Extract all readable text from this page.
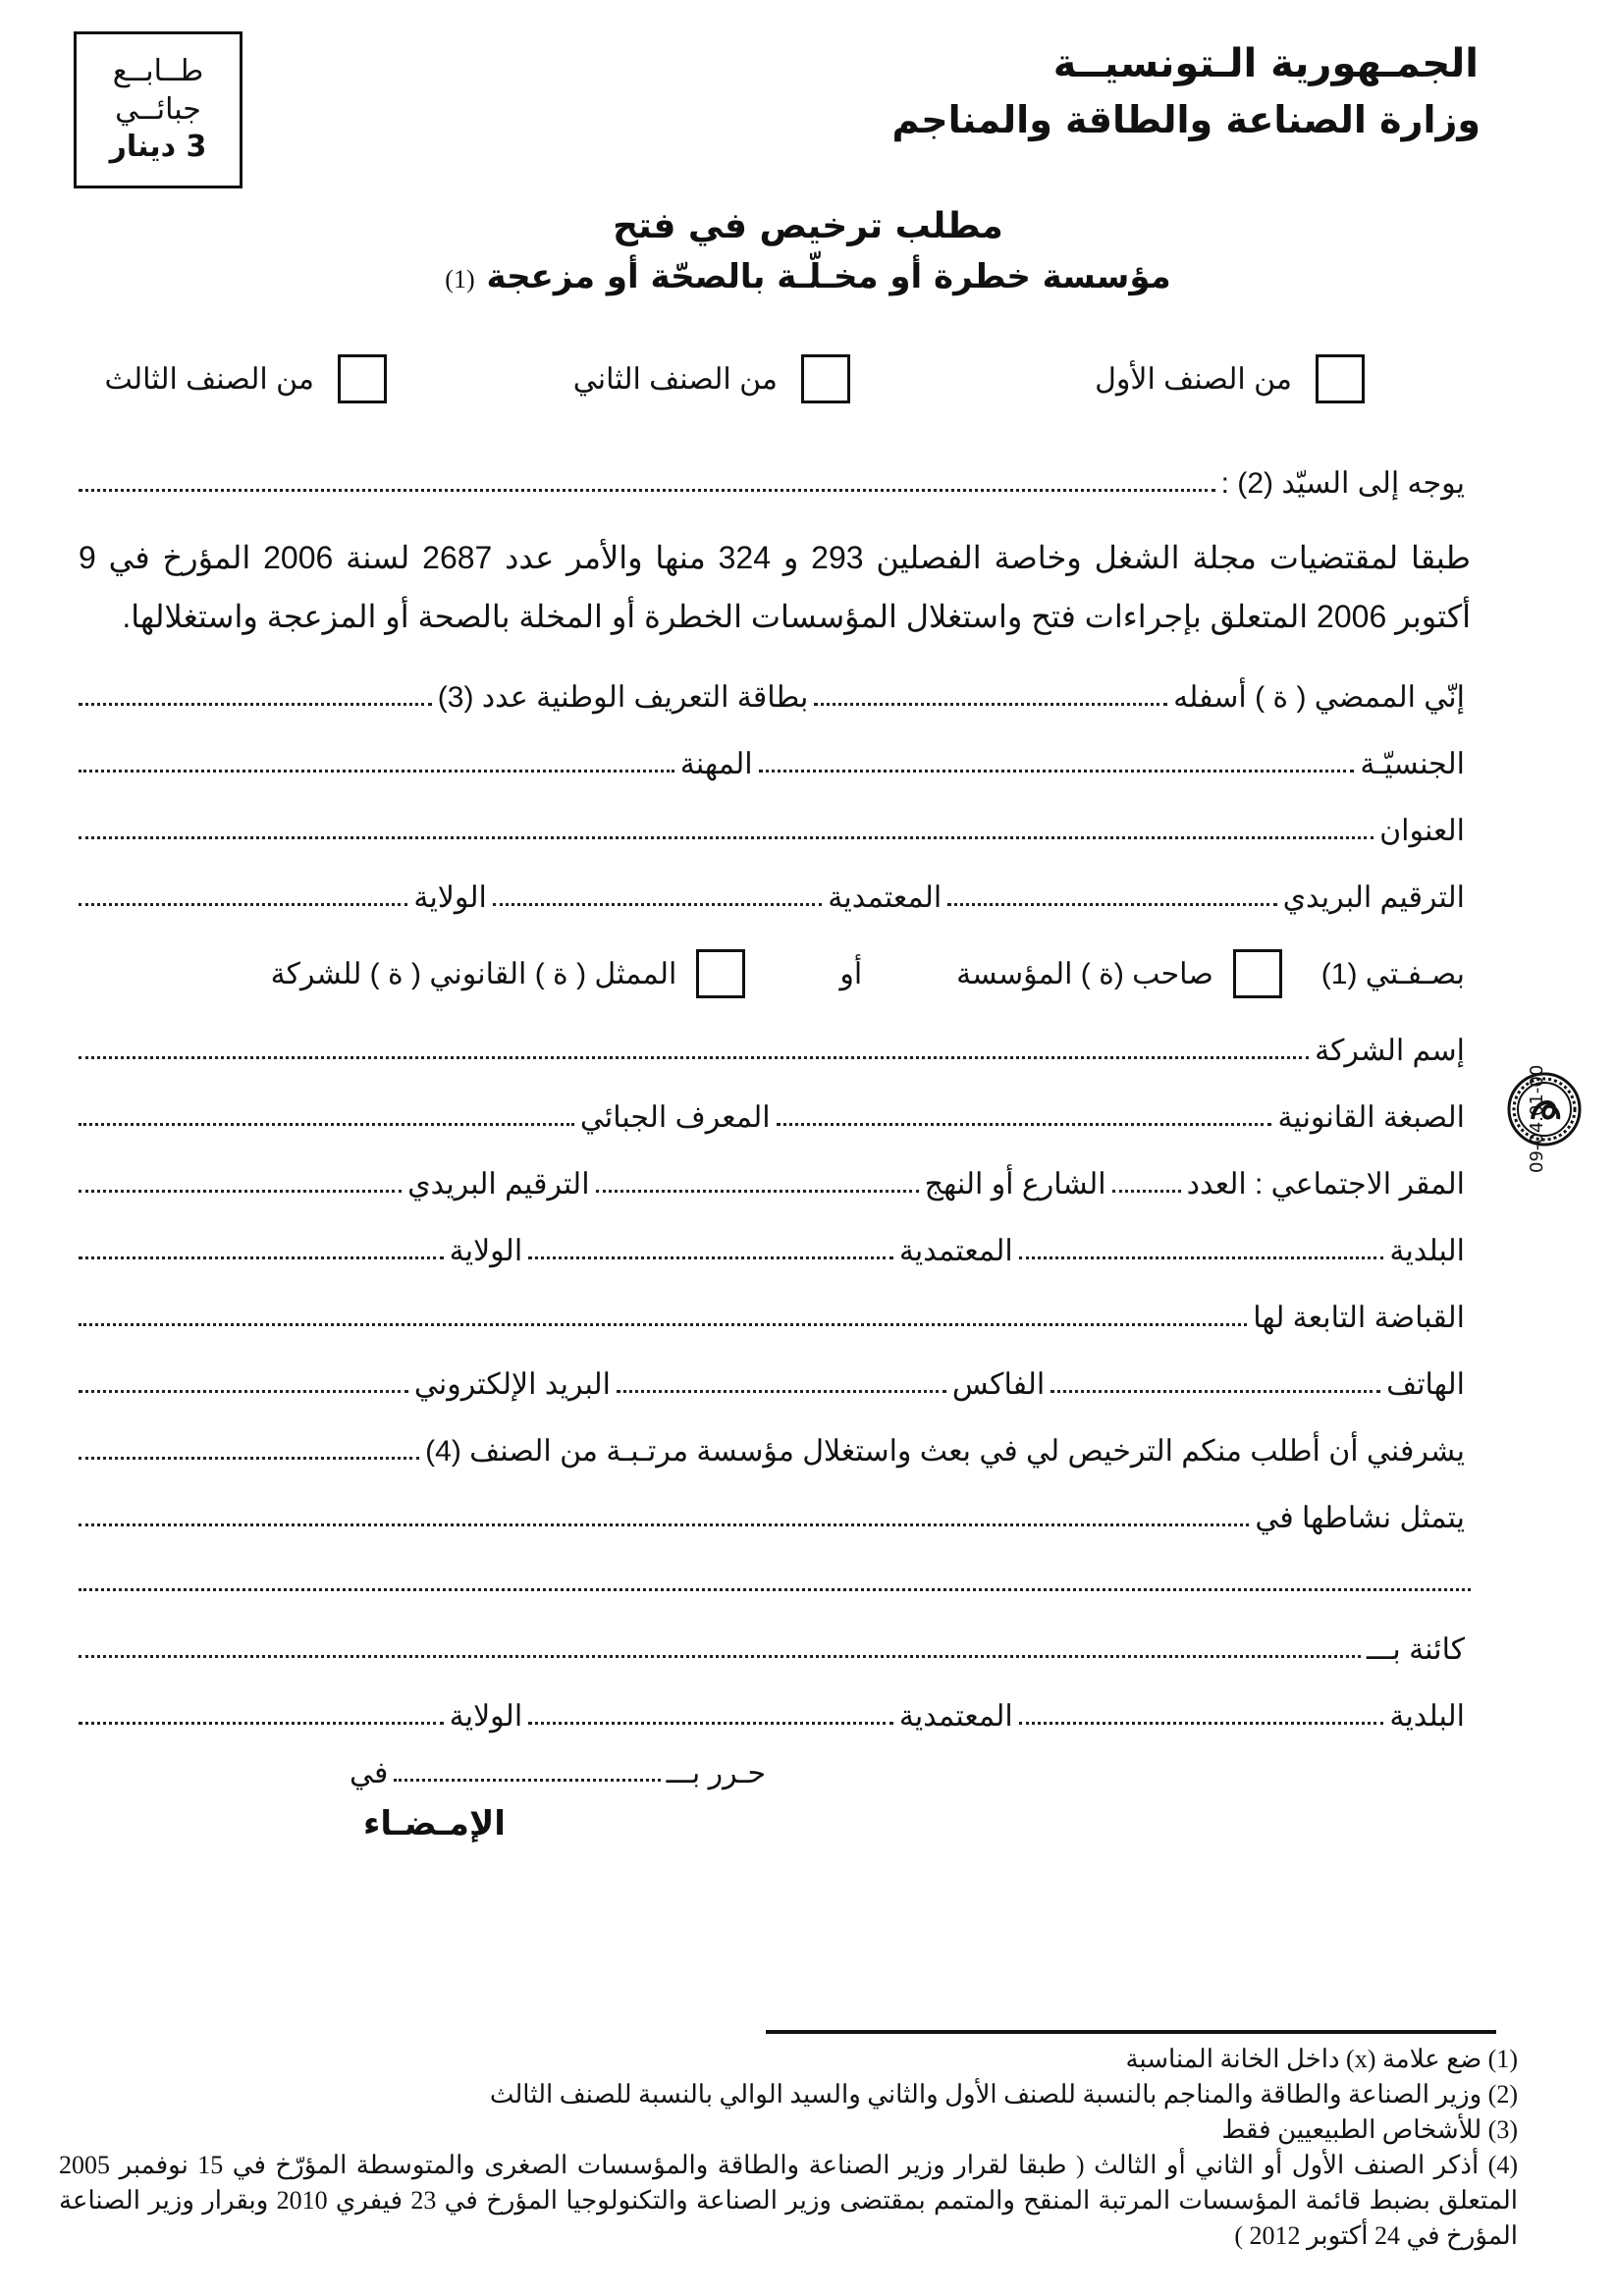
الجمـهورية الـتونسيــة
وزارة الصناعة والطاقة والمناجم
طــابــع
جبائــي
3 دينار
مطلب ترخيص في فتح
مؤسسة خطرة أو مخـلّـة بالصحّة أو مزعجة (1)
من الصنف الأول
من الصنف الثاني
من الصنف الثالث
يوجه إلى السيّد (2) :
طبقا لمقتضيات مجلة الشغل وخاصة الفصلين 293 و 324 منها والأمر عدد 2687 لسنة 2006 المؤرخ في 9 أكتوبر 2006 المتعلق بإجراءات فتح واستغلال المؤسسات الخطرة أو المخلة بالصحة أو المزعجة واستغلالها.
إنّي الممضي ( ة ) أسفله
بطاقة التعريف الوطنية عدد (3)
الجنسيّـة
المهنة
العنوان
الترقيم البريدي
المعتمدية
الولاية
بصـفـتي (1)
صاحب (ة ) المؤسسة
أو
الممثل ( ة ) القانوني ( ة ) للشركة
إسم الشركة
الصبغة القانونية
المعرف الجبائي
المقر الاجتماعي : العدد
الشارع أو النهج
الترقيم البريدي
البلدية
المعتمدية
الولاية
القباضة التابعة لها
الهاتف
الفاكس
البريد الإلكتروني
يشرفني أن أطلب منكم الترخيص لي في بعث واستغلال مؤسسة مرتـبـة من الصنف (4)
يتمثل نشاطها في
كائنة بـــ
البلدية
المعتمدية
الولاية
حـرر بـــ
في
الإمـضـاء
09-04.01-00
(1) ضع علامة (x) داخل الخانة المناسبة
(2) وزير الصناعة والطاقة والمناجم بالنسبة للصنف الأول والثاني والسيد الوالي بالنسبة للصنف الثالث
(3) للأشخاص الطبيعيين فقط
(4) أذكر الصنف الأول أو الثاني أو الثالث ( طبقا لقرار وزير الصناعة والطاقة والمؤسسات الصغرى والمتوسطة المؤرّخ في 15 نوفمبر 2005 المتعلق بضبط قائمة المؤسسات المرتبة المنقح والمتمم بمقتضى وزير الصناعة والتكنولوجيا المؤرخ في 23 فيفري 2010 وبقرار وزير الصناعة المؤرخ في 24 أكتوبر 2012 )
